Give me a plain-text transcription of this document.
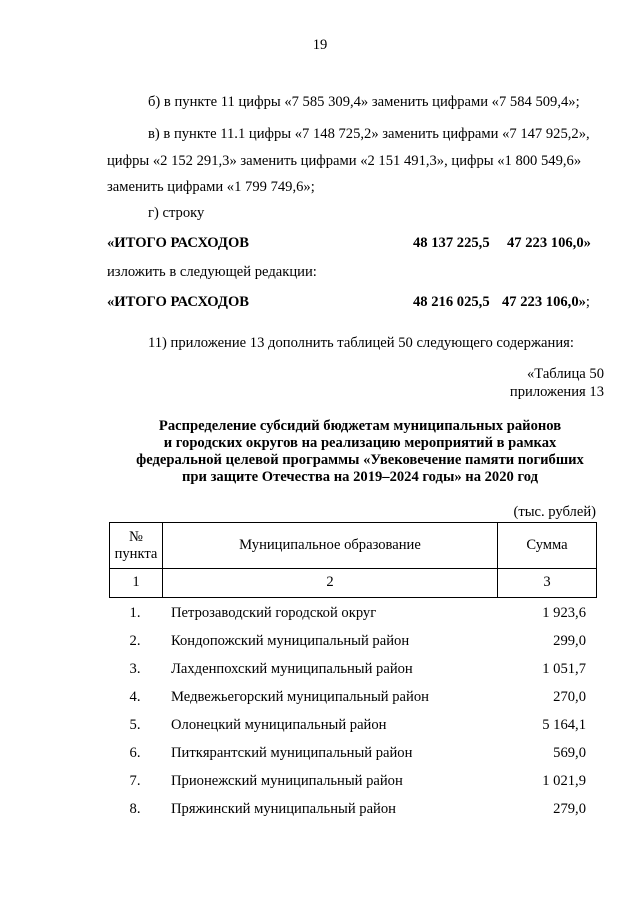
19
б) в пункте 11 цифры «7 585 309,4» заменить цифрами «7 584 509,4»;
в) в пункте 11.1 цифры «7 148 725,2» заменить цифрами «7 147 925,2»,
цифры «2 152 291,3» заменить цифрами «2 151 491,3», цифры «1 800 549,6»
заменить цифрами «1 799 749,6»;
г) строку
«ИТОГО РАСХОДОВ	48 137 225,5 47 223 106,0»
изложить в следующей редакции:
«ИТОГО РАСХОДОВ	48 216 025,5 47 223 106,0»;
11) приложение 13 дополнить таблицей 50 следующего содержания:
«Таблица 50
приложения 13
Распределение субсидий бюджетам муниципальных районов
и городских округов на реализацию мероприятий в рамках
федеральной целевой программы «Увековечение памяти погибших
при защите Отечества на 2019–2024 годы» на 2020 год
(тыс. рублей)
№
пункта	Муниципальное образование	Сумма
1	2	3
1.	Петрозаводский городской округ	1 923,6
2.	Кондопожский муниципальный район	299,0
3.	Лахденпохский муниципальный район	1 051,7
4.	Медвежьегорский муниципальный район	270,0
5.	Олонецкий муниципальный район	5 164,1
6.	Питкярантский муниципальный район	569,0
7.	Прионежский муниципальный район	1 021,9
8.	Пряжинский муниципальный район	279,0
